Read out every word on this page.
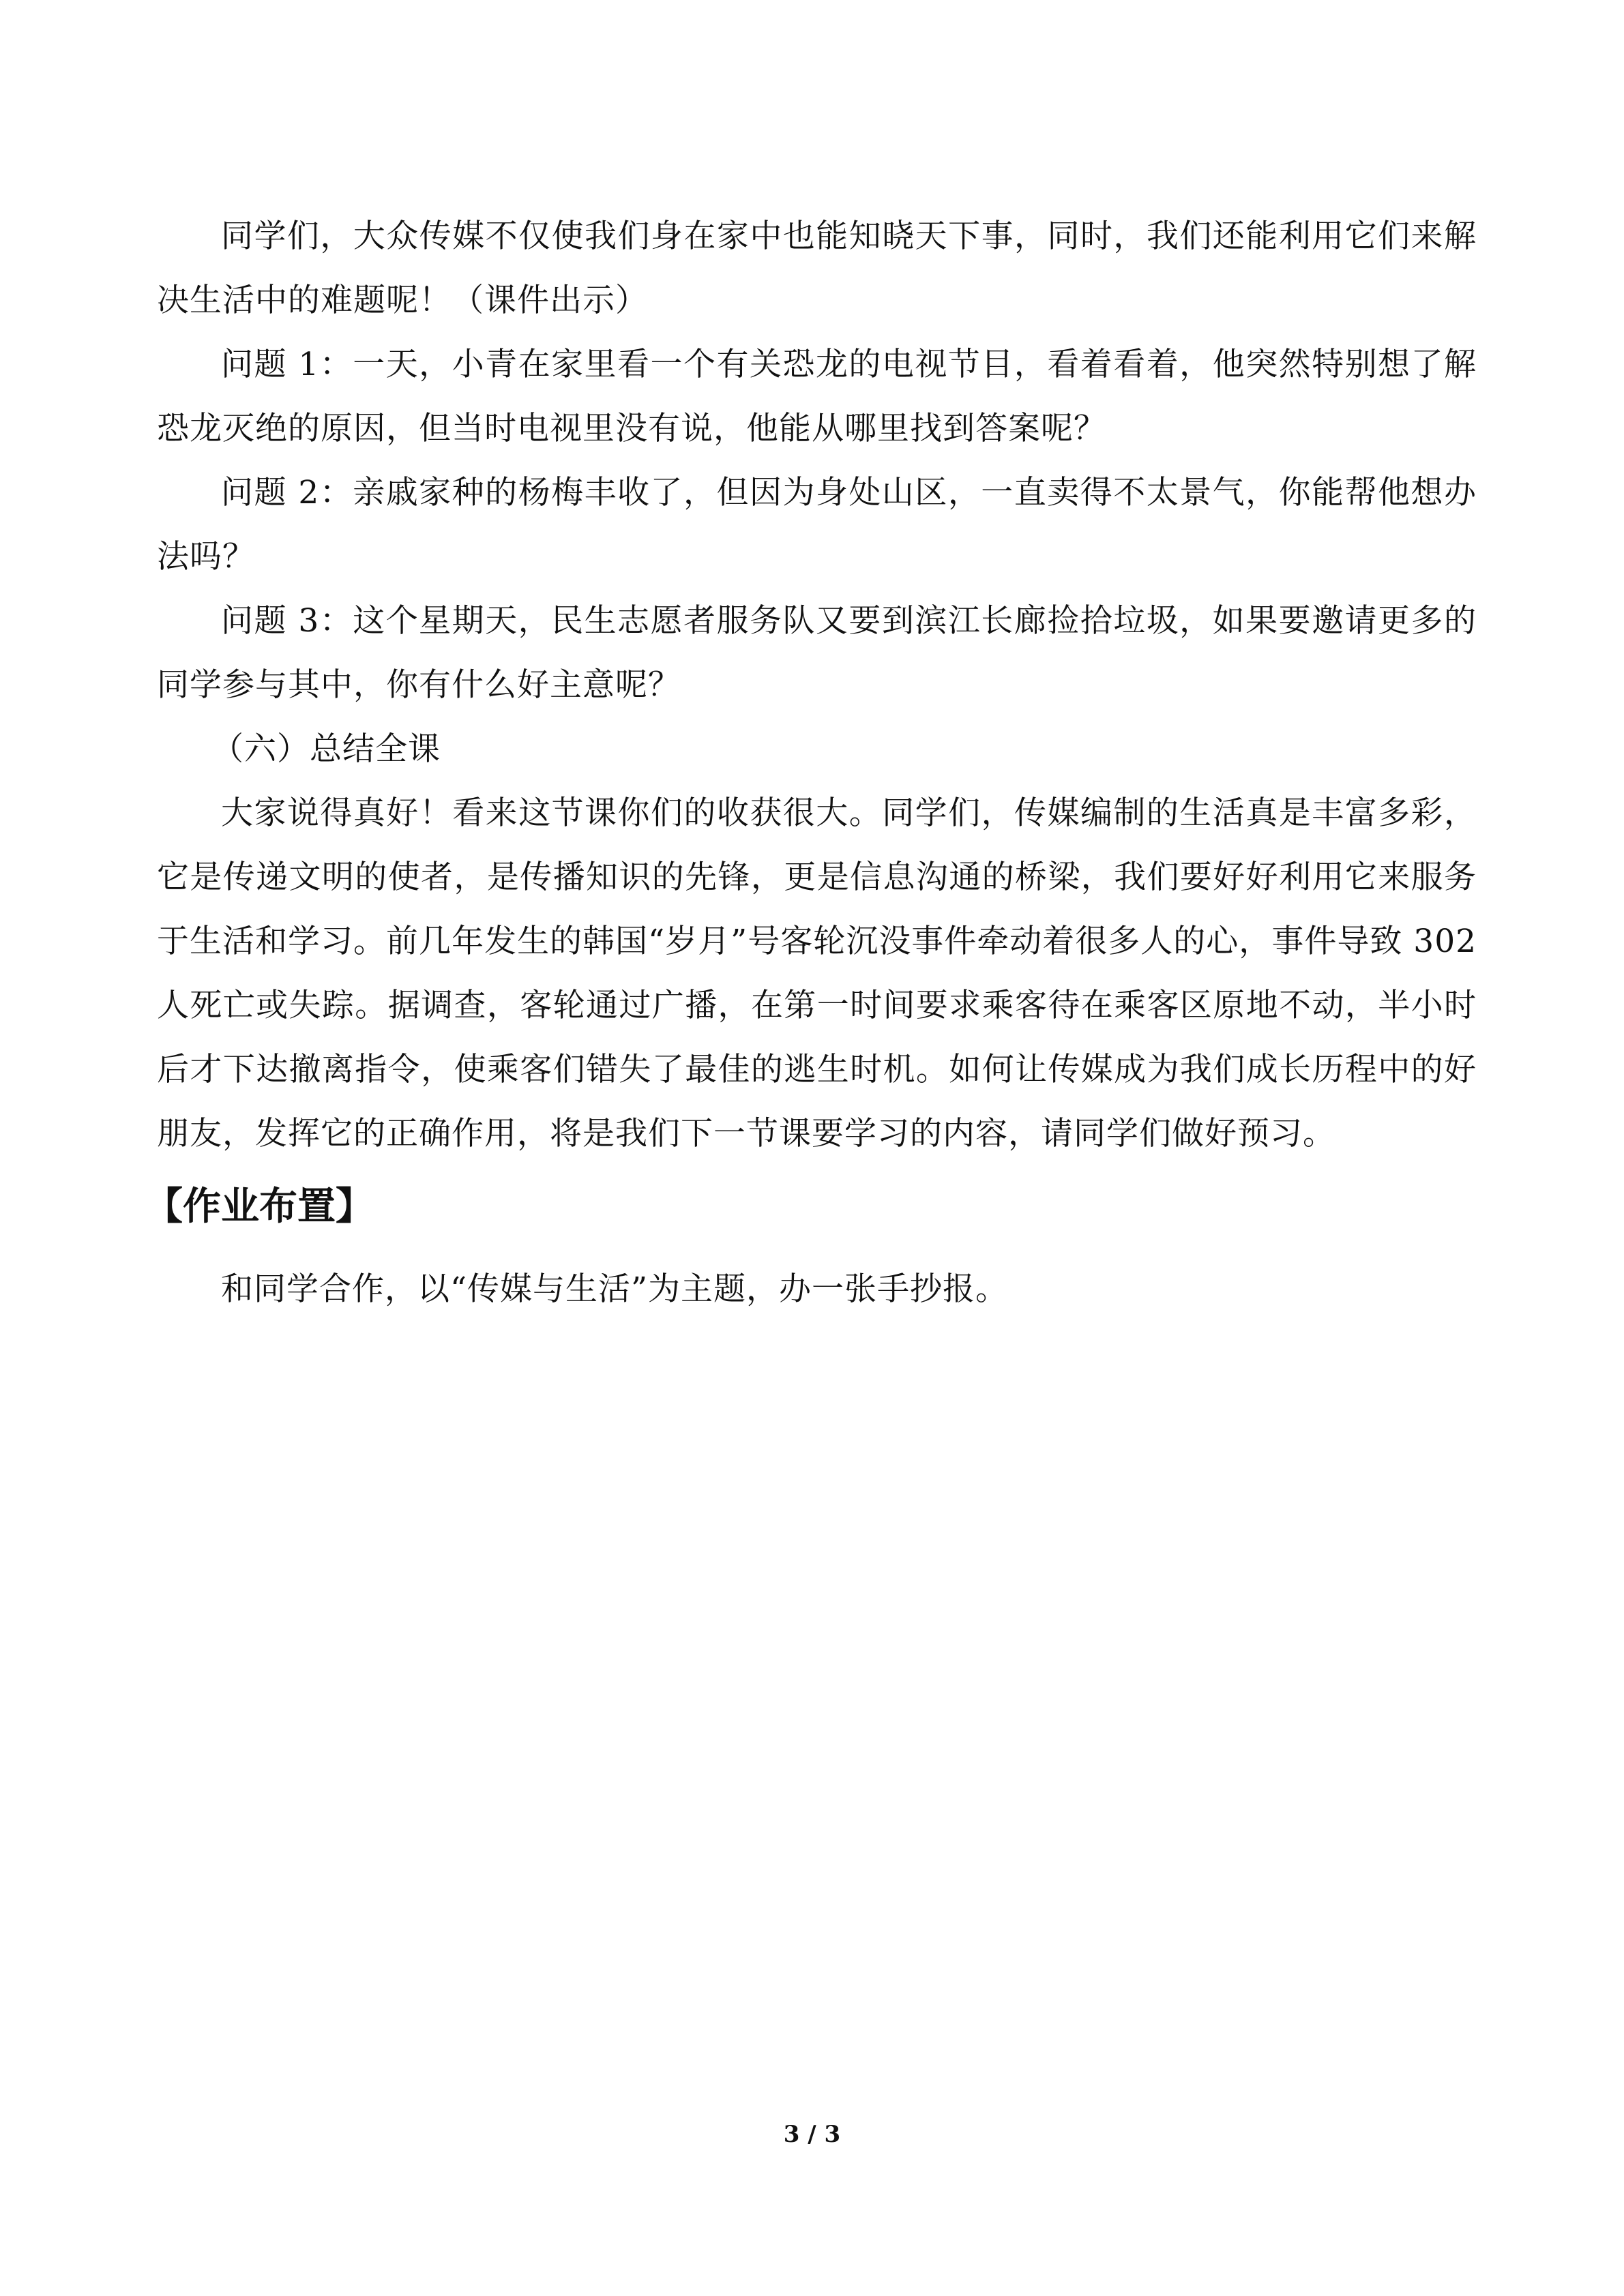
同学们，大众传媒不仅使我们身在家中也能知晓天下事，同时，我们还能利用它们来解决生活中的难题呢！（课件出示）

问题 1：一天，小青在家里看一个有关恐龙的电视节目，看着看着，他突然特别想了解恐龙灭绝的原因，但当时电视里没有说，他能从哪里找到答案呢？

问题 2：亲戚家种的杨梅丰收了，但因为身处山区，一直卖得不太景气，你能帮他想办法吗？

问题 3：这个星期天，民生志愿者服务队又要到滨江长廊捡拾垃圾，如果要邀请更多的同学参与其中，你有什么好主意呢？

（六）总结全课

大家说得真好！看来这节课你们的收获很大。同学们，传媒编制的生活真是丰富多彩，它是传递文明的使者，是传播知识的先锋，更是信息沟通的桥梁，我们要好好利用它来服务于生活和学习。前几年发生的韩国“岁月”号客轮沉没事件牵动着很多人的心，事件导致 302 人死亡或失踪。据调查，客轮通过广播，在第一时间要求乘客待在乘客区原地不动，半小时后才下达撤离指令，使乘客们错失了最佳的逃生时机。如何让传媒成为我们成长历程中的好朋友，发挥它的正确作用，将是我们下一节课要学习的内容，请同学们做好预习。

【作业布置】

和同学合作，以“传媒与生活”为主题，办一张手抄报。

3 / 3
